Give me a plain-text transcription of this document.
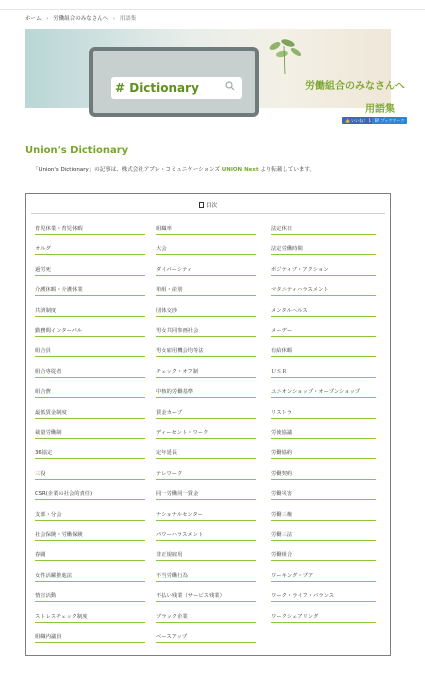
ホーム › 労働組合のみなさんへ › 用語集
# Dictionary	労働組合のみなさんへ
用語集
👍 いいね！ 1 B! ブックマーク
Union's Dictionary

「Union's Dictionary」の記事は、株式会社アプレ・コミュニケーションズ UNION Next より転載しています。

目次
育児休業・育児休暇
オルグ
過労死
介護休暇・介護休業
共済制度
勤務間インターバル
組合員
組合専従者
組合費
最低賃金制度
裁量労働制
36協定
三役
CSR(企業の社会的責任)
支部・分会
社会保険・労働保険
春闘
女性活躍推進法
情宣活動
ストレスチェック制度
組織内議員
組織率
大会
ダイバーシティ
単組・産別
団体交渉
男女共同参画社会
男女雇用機会均等法
チェック・オフ制
中核的労働基準
賃金カーブ
ディーセント・ワーク
定年延長
テレワーク
同一労働同一賃金
ナショナルセンター
パワーハラスメント
非正規雇用
不当労働行為
不払い残業（サービス残業）
ブラック企業
ベースアップ
法定休日
法定労働時間
ポジティブ・アクション
マタニティハラスメント
メンタルヘルス
メーデー
有給休暇
ＵＳＲ
ユニオンショップ・オープンショップ
リストラ
労使協議
労働協約
労働契約
労働災害
労働三権
労働三法
労働組合
ワーキング・プア
ワーク・ライフ・バランス
ワークシェアリング
